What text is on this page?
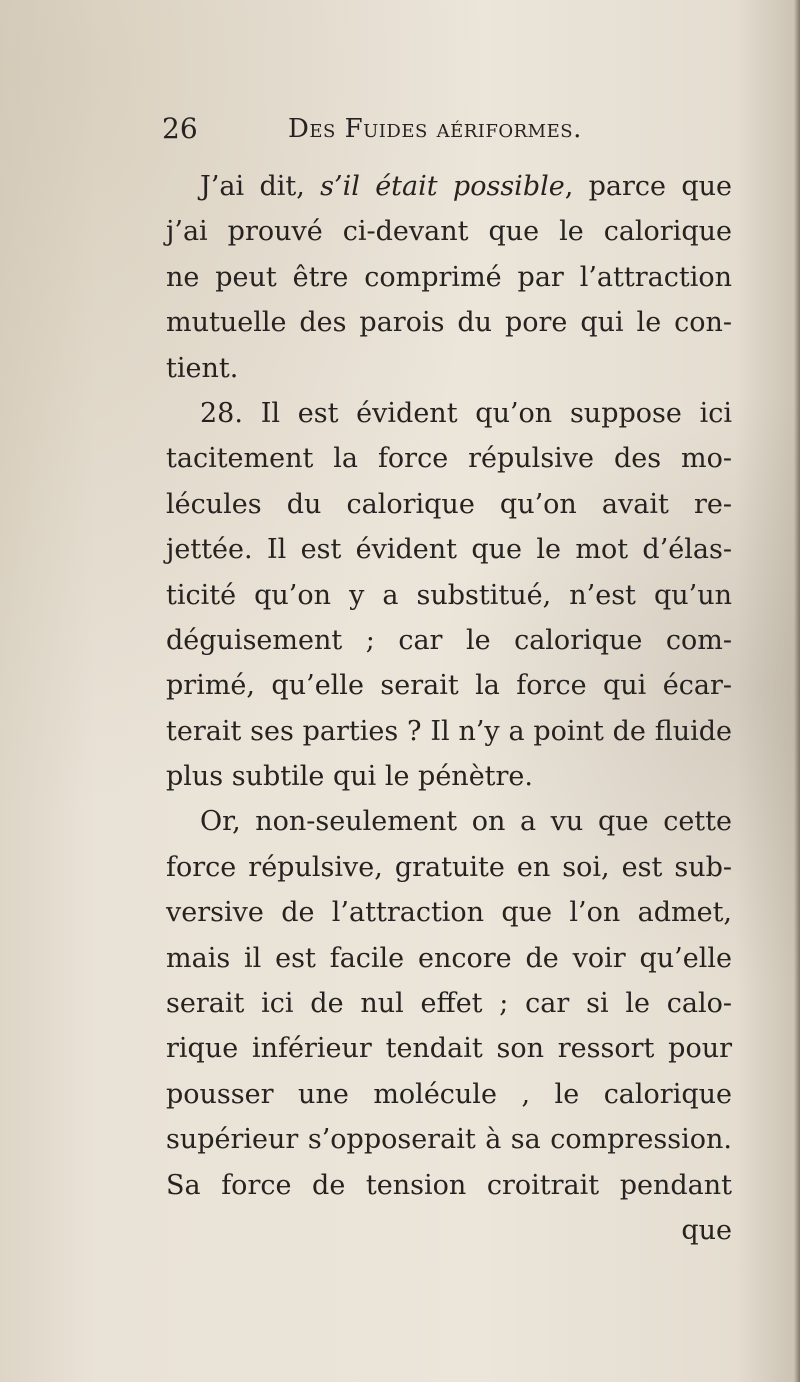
26	Des Fuides aériformes.
J’ai dit, s’il était possible, parce que
j’ai prouvé ci-devant que le calorique
ne peut être comprimé par l’attraction
mutuelle des parois du pore qui le con-
tient.
28. Il est évident qu’on suppose ici
tacitement la force répulsive des mo-
lécules du calorique qu’on avait re-
jettée. Il est évident que le mot d’élas-
ticité qu’on y a substitué, n’est qu’un
déguisement ; car le calorique com-
primé, qu’elle serait la force qui écar-
terait ses parties ? Il n’y a point de fluide
plus subtile qui le pénètre.
Or, non-seulement on a vu que cette
force répulsive, gratuite en soi, est sub-
versive de l’attraction que l’on admet,
mais il est facile encore de voir qu’elle
serait ici de nul effet ; car si le calo-
rique inférieur tendait son ressort pour
pousser une molécule , le calorique
supérieur s’opposerait à sa compression.
Sa force de tension croitrait pendant
que
